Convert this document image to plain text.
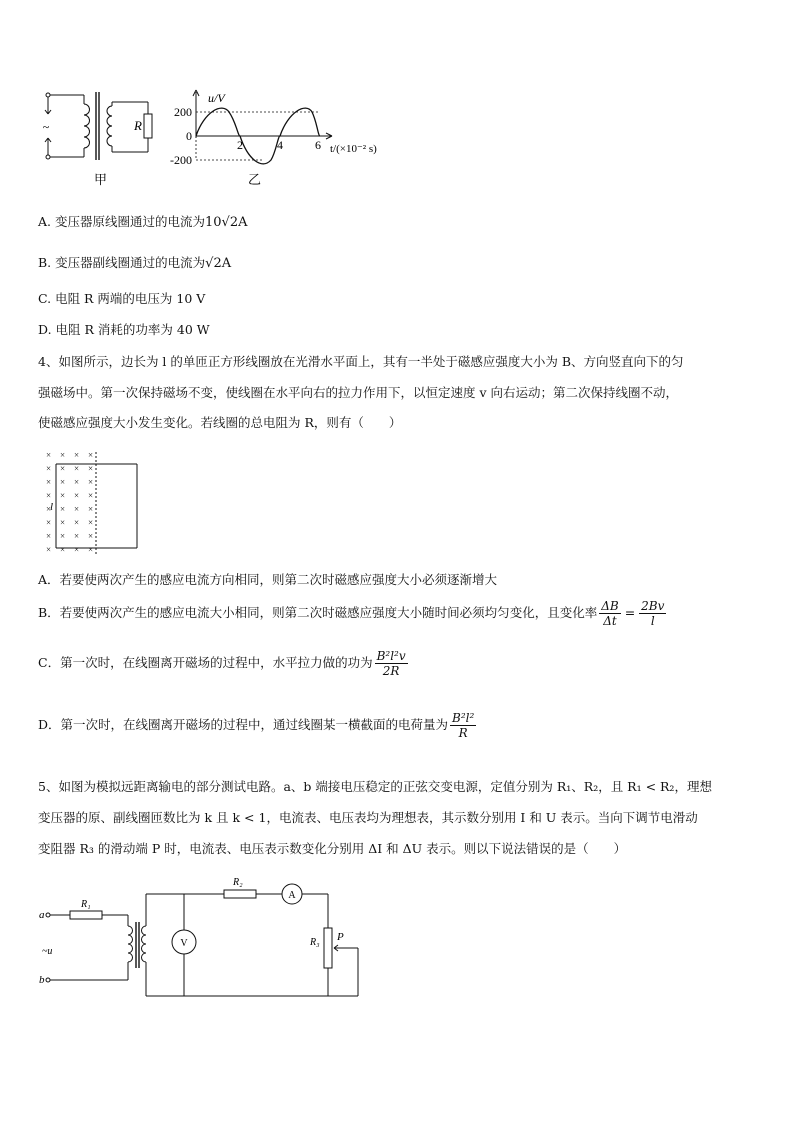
~	R
甲
u/V
200
0
-200
2	4	6 t/(×10⁻² s)
乙
A. 变压器原线圈通过的电流为10√2A
B. 变压器副线圈通过的电流为√2A
C. 电阻 R 两端的电压为 10 V
D. 电阻 R 消耗的功率为 40 W
4、如图所示，边长为 l 的单匝正方形线圈放在光滑水平面上，其有一半处于磁感应强度大小为 B、方向竖直向下的匀
强磁场中。第一次保持磁场不变，使线圈在水平向右的拉力作用下，以恒定速度 v 向右运动；第二次保持线圈不动，
使磁感应强度大小发生变化。若线圈的总电阻为 R，则有（　　）
× × × ×
× × × ×
× × × ×
× × × ×
× × × ×
× × × ×
× × × ×
× × × ×
l
A．若要使两次产生的感应电流方向相同，则第二次时磁感应强度大小必须逐渐增大
B．若要使两次产生的感应电流大小相同，则第二次时磁感应强度大小随时间必须均匀变化，且变化率 $\frac{\Delta B}{\Delta t} = \frac{2Bv}{l}$
C．第一次时，在线圈离开磁场的过程中，水平拉力做的功为 $\frac{\text{B²l²v}}{2R}$
D．第一次时，在线圈离开磁场的过程中，通过线圈某一横截面的电荷量为 $\frac{\text{B²l²}}{R}$
5、如图为模拟远距离输电的部分测试电路。a、b 端接电压稳定的正弦交变电源，定值分别为 R₁、R₂，且 R₁ < R₂，理想
变压器的原、副线圈匝数比为 k 且 k < 1，电流表、电压表均为理想表，其示数分别用 I 和 U 表示。当向下调节电滑动
变阻器 R₃ 的滑动端 P 时，电流表、电压表示数变化分别用 ΔI 和 ΔU 表示。则以下说法错误的是（　　）
a
b
~u
R₁
R₂
R₃ P
A
V
